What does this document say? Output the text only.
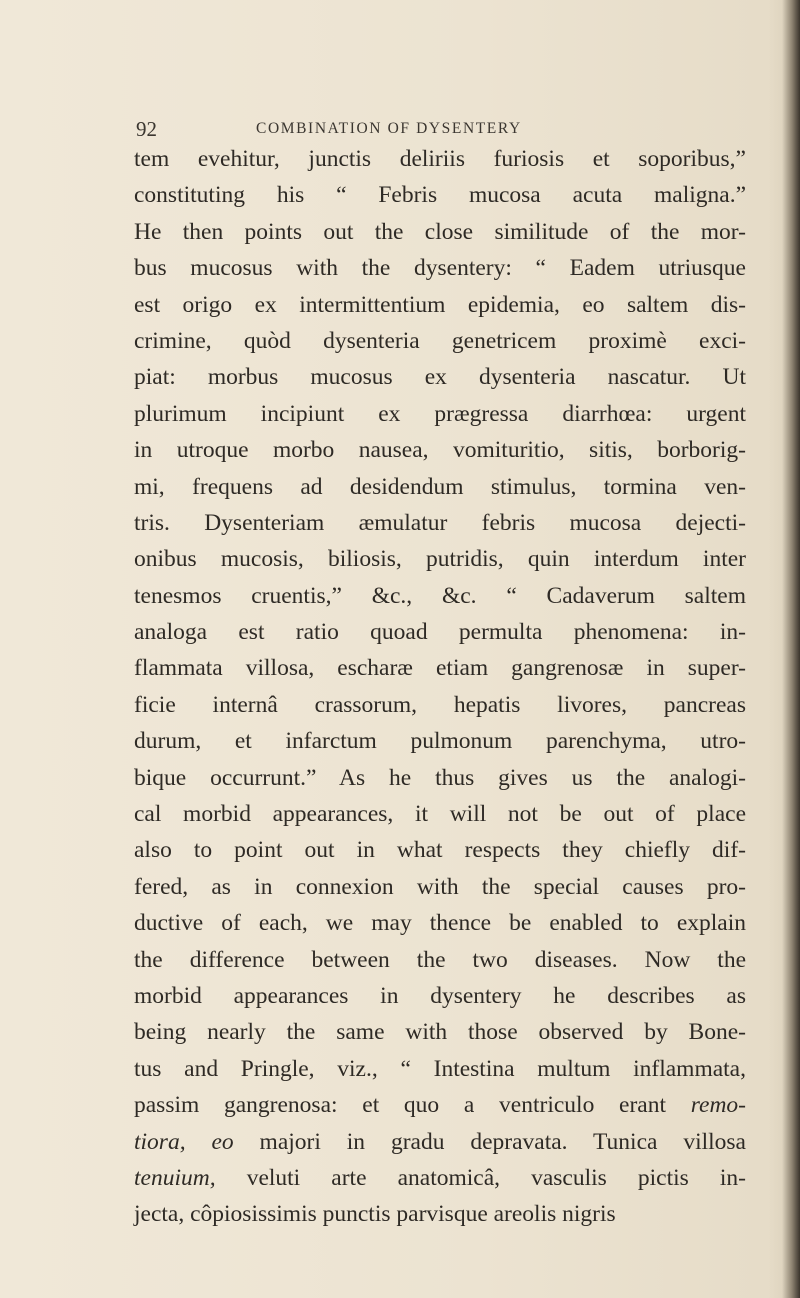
92	COMBINATION OF DYSENTERY
tem evehitur, junctis deliriis furiosis et soporibus,”
constituting his “ Febris mucosa acuta maligna.”
He then points out the close similitude of the mor-
bus mucosus with the dysentery: “ Eadem utriusque
est origo ex intermittentium epidemia, eo saltem dis-
crimine, quòd dysenteria genetricem proximè exci-
piat: morbus mucosus ex dysenteria nascatur. Ut
plurimum incipiunt ex prægressa diarrhœa: urgent
in utroque morbo nausea, vomituritio, sitis, borborig-
mi, frequens ad desidendum stimulus, tormina ven-
tris. Dysenteriam æmulatur febris mucosa dejecti-
onibus mucosis, biliosis, putridis, quin interdum inter
tenesmos cruentis,” &c., &c. “ Cadaverum saltem
analoga est ratio quoad permulta phenomena: in-
flammata villosa, escharæ etiam gangrenosæ in super-
ficie internâ crassorum, hepatis livores, pancreas
durum, et infarctum pulmonum parenchyma, utro-
bique occurrunt.” As he thus gives us the analogi-
cal morbid appearances, it will not be out of place
also to point out in what respects they chiefly dif-
fered, as in connexion with the special causes pro-
ductive of each, we may thence be enabled to explain
the difference between the two diseases. Now the
morbid appearances in dysentery he describes as
being nearly the same with those observed by Bone-
tus and Pringle, viz., “ Intestina multum inflammata,
passim gangrenosa: et quo a ventriculo erant remo-
tiora, eo majori in gradu depravata. Tunica villosa
tenuium, veluti arte anatomicâ, vasculis pictis in-
jecta, côpiosissimis punctis parvisque areolis nigris
